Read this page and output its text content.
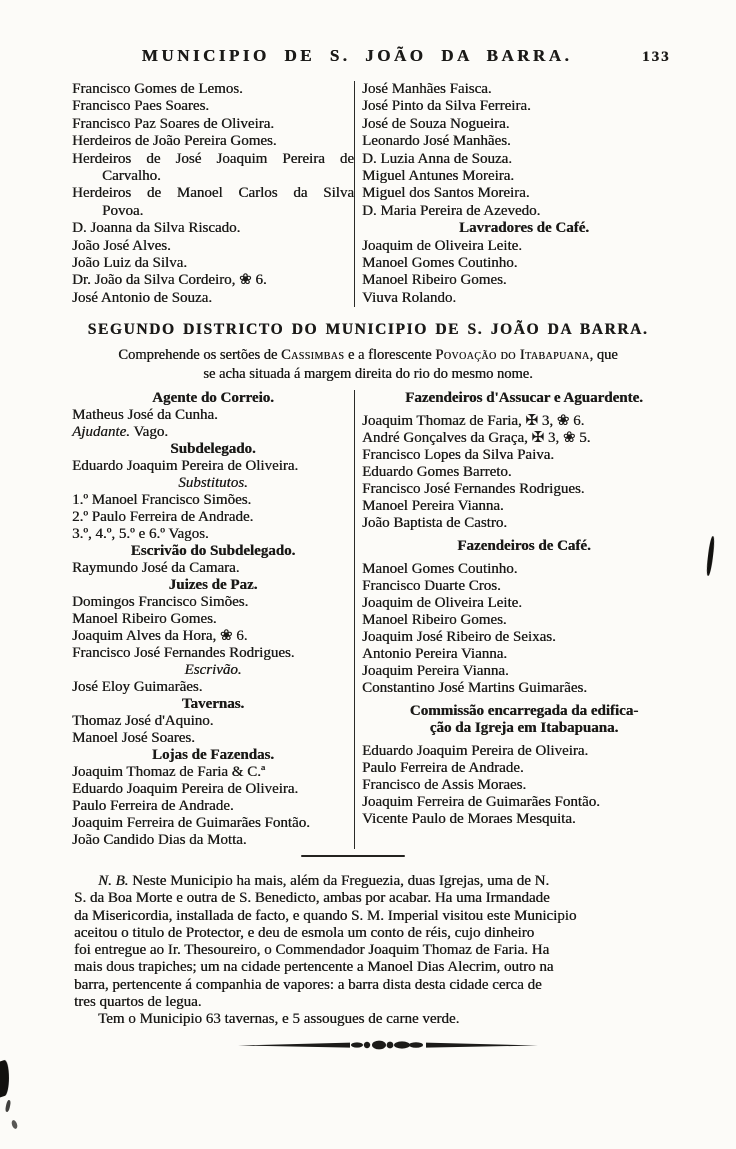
MUNICIPIO DE S. JOÃO DA BARRA.	133
Francisco Gomes de Lemos.
Francisco Paes Soares.
Francisco Paz Soares de Oliveira.
Herdeiros de João Pereira Gomes.
Herdeiros de José Joaquim Pereira de
Carvalho.
Herdeiros de Manoel Carlos da Silva
Povoa.
D. Joanna da Silva Riscado.
João José Alves.
João Luiz da Silva.
Dr. João da Silva Cordeiro, ❀ 6.
José Antonio de Souza.
José Manhães Faisca.
José Pinto da Silva Ferreira.
José de Souza Nogueira.
Leonardo José Manhães.
D. Luzia Anna de Souza.
Miguel Antunes Moreira.
Miguel dos Santos Moreira.
D. Maria Pereira de Azevedo.
Lavradores de Café.
Joaquim de Oliveira Leite.
Manoel Gomes Coutinho.
Manoel Ribeiro Gomes.
Viuva Rolando.
SEGUNDO DISTRICTO DO MUNICIPIO DE S. JOÃO DA BARRA.
Comprehende os sertões de Cassimbas e a florescente Povoação do Itabapuana, que
se acha situada á margem direita do rio do mesmo nome.
Agente do Correio.
Matheus José da Cunha.
Ajudante. Vago.
Subdelegado.
Eduardo Joaquim Pereira de Oliveira.
Substitutos.
1.º Manoel Francisco Simões.
2.º Paulo Ferreira de Andrade.
3.º, 4.º, 5.º e 6.º Vagos.
Escrivão do Subdelegado.
Raymundo José da Camara.
Juizes de Paz.
Domingos Francisco Simões.
Manoel Ribeiro Gomes.
Joaquim Alves da Hora, ❀ 6.
Francisco José Fernandes Rodrigues.
Escrivão.
José Eloy Guimarães.
Tavernas.
Thomaz José d'Aquino.
Manoel José Soares.
Lojas de Fazendas.
Joaquim Thomaz de Faria & C.ª
Eduardo Joaquim Pereira de Oliveira.
Paulo Ferreira de Andrade.
Joaquim Ferreira de Guimarães Fontão.
João Candido Dias da Motta.
Fazendeiros d'Assucar e Aguardente.
Joaquim Thomaz de Faria, ✠ 3, ❀ 6.
André Gonçalves da Graça, ✠ 3, ❀ 5.
Francisco Lopes da Silva Paiva.
Eduardo Gomes Barreto.
Francisco José Fernandes Rodrigues.
Manoel Pereira Vianna.
João Baptista de Castro.
Fazendeiros de Café.
Manoel Gomes Coutinho.
Francisco Duarte Cros.
Joaquim de Oliveira Leite.
Manoel Ribeiro Gomes.
Joaquim José Ribeiro de Seixas.
Antonio Pereira Vianna.
Joaquim Pereira Vianna.
Constantino José Martins Guimarães.
Commissão encarregada da edifica-
ção da Igreja em Itabapuana.
Eduardo Joaquim Pereira de Oliveira.
Paulo Ferreira de Andrade.
Francisco de Assis Moraes.
Joaquim Ferreira de Guimarães Fontão.
Vicente Paulo de Moraes Mesquita.
N. B. Neste Municipio ha mais, além da Freguezia, duas Igrejas, uma de N.
S. da Boa Morte e outra de S. Benedicto, ambas por acabar. Ha uma Irmandade
da Misericordia, installada de facto, e quando S. M. Imperial visitou este Municipio
aceitou o titulo de Protector, e deu de esmola um conto de réis, cujo dinheiro
foi entregue ao Ir. Thesoureiro, o Commendador Joaquim Thomaz de Faria. Ha
mais dous trapiches; um na cidade pertencente a Manoel Dias Alecrim, outro na
barra, pertencente á companhia de vapores: a barra dista desta cidade cerca de
tres quartos de legua.
Tem o Municipio 63 tavernas, e 5 assougues de carne verde.
